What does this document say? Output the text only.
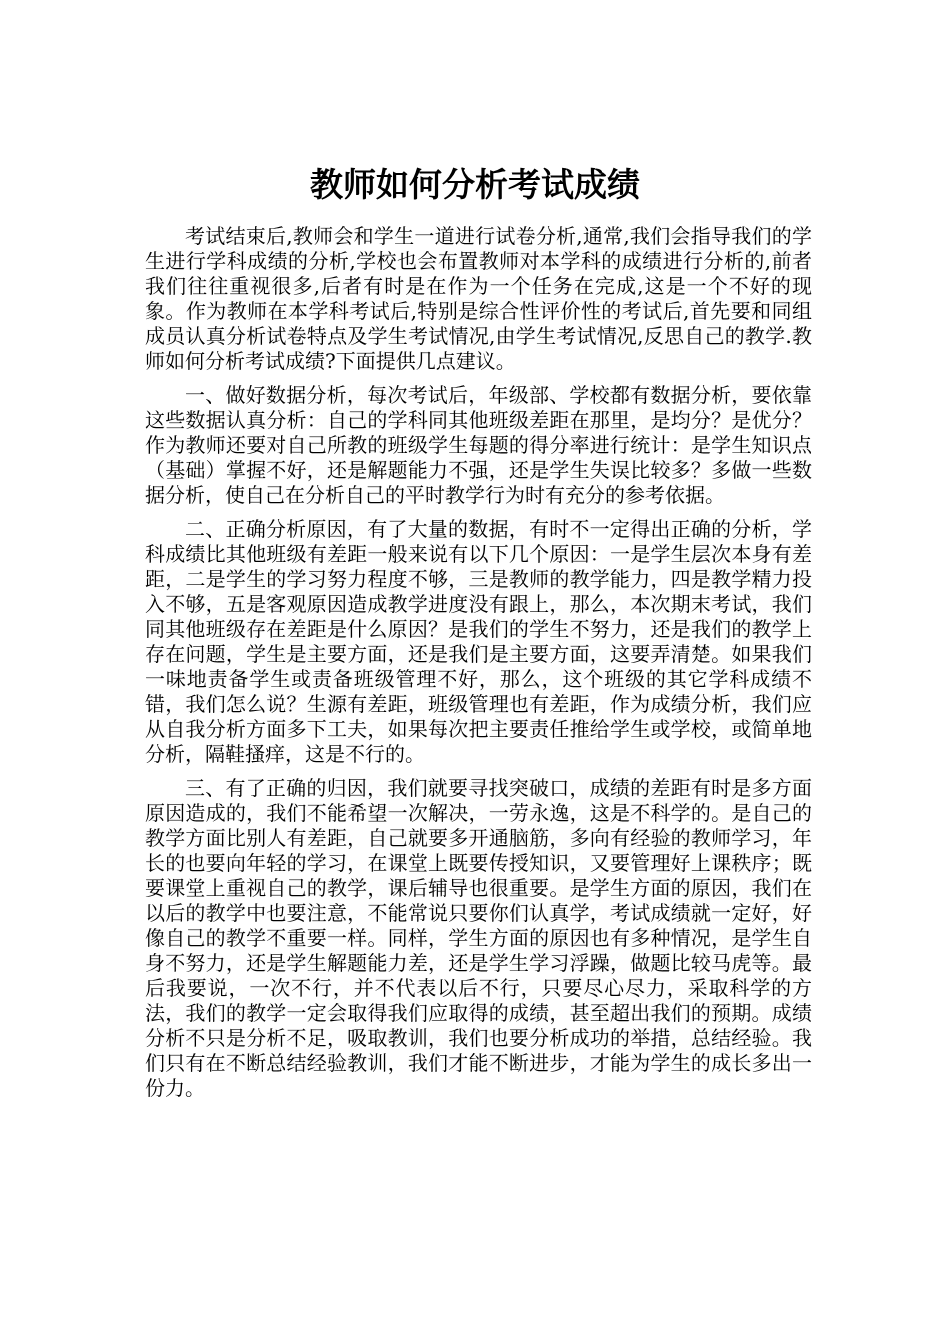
教师如何分析考试成绩

考试结束后,教师会和学生一道进行试卷分析,通常,我们会指导我们的学生进行学科成绩的分析,学校也会布置教师对本学科的成绩进行分析的,前者我们往往重视很多,后者有时是在作为一个任务在完成,这是一个不好的现象。作为教师在本学科考试后,特别是综合性评价性的考试后,首先要和同组成员认真分析试卷特点及学生考试情况,由学生考试情况,反思自己的教学.教师如何分析考试成绩?下面提供几点建议。

一、做好数据分析，每次考试后，年级部、学校都有数据分析，要依靠这些数据认真分析：自己的学科同其他班级差距在那里，是均分？是优分？作为教师还要对自己所教的班级学生每题的得分率进行统计：是学生知识点（基础）掌握不好，还是解题能力不强，还是学生失误比较多？多做一些数据分析，使自己在分析自己的平时教学行为时有充分的参考依据。

二、正确分析原因，有了大量的数据，有时不一定得出正确的分析，学科成绩比其他班级有差距一般来说有以下几个原因：一是学生层次本身有差距，二是学生的学习努力程度不够，三是教师的教学能力，四是教学精力投入不够，五是客观原因造成教学进度没有跟上，那么，本次期末考试，我们同其他班级存在差距是什么原因？是我们的学生不努力，还是我们的教学上存在问题，学生是主要方面，还是我们是主要方面，这要弄清楚。如果我们一味地责备学生或责备班级管理不好，那么，这个班级的其它学科成绩不错，我们怎么说？生源有差距，班级管理也有差距，作为成绩分析，我们应从自我分析方面多下工夫，如果每次把主要责任推给学生或学校，或简单地分析，隔鞋搔痒，这是不行的。

三、有了正确的归因，我们就要寻找突破口，成绩的差距有时是多方面原因造成的，我们不能希望一次解决，一劳永逸，这是不科学的。是自己的教学方面比别人有差距，自己就要多开通脑筋，多向有经验的教师学习，年长的也要向年轻的学习，在课堂上既要传授知识，又要管理好上课秩序；既要课堂上重视自己的教学，课后辅导也很重要。是学生方面的原因，我们在以后的教学中也要注意，不能常说只要你们认真学，考试成绩就一定好，好像自己的教学不重要一样。同样，学生方面的原因也有多种情况，是学生自身不努力，还是学生解题能力差，还是学生学习浮躁，做题比较马虎等。最后我要说，一次不行，并不代表以后不行，只要尽心尽力，采取科学的方法，我们的教学一定会取得我们应取得的成绩，甚至超出我们的预期。成绩分析不只是分析不足，吸取教训，我们也要分析成功的举措，总结经验。我们只有在不断总结经验教训，我们才能不断进步，才能为学生的成长多出一份力。
